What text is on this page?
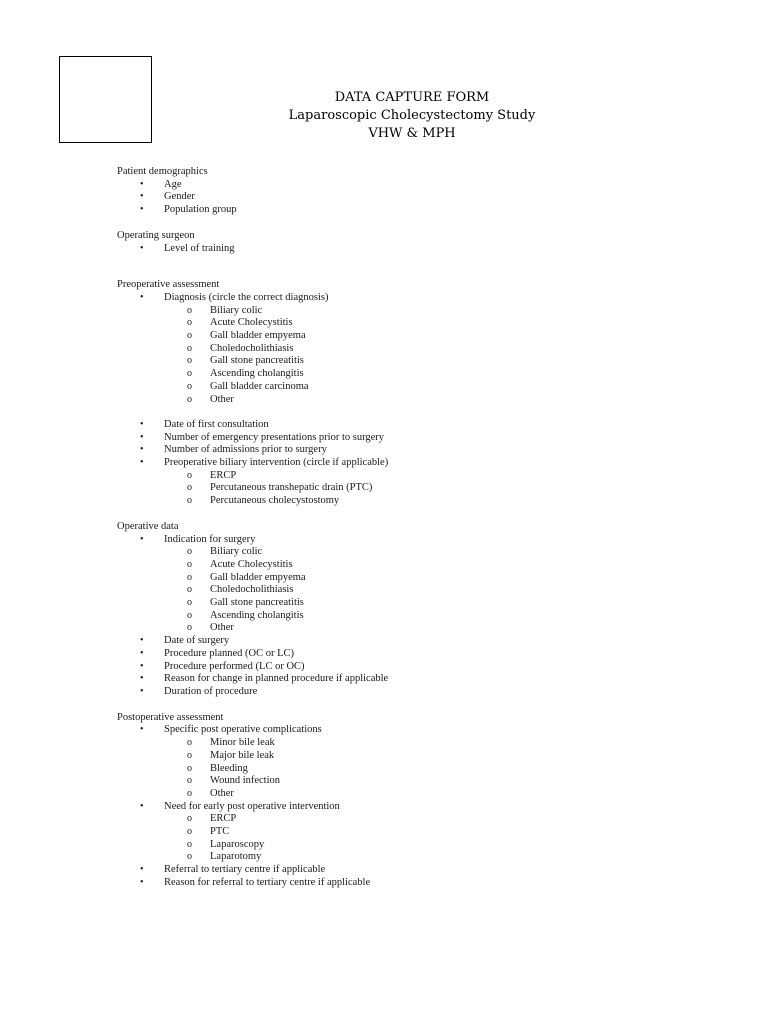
DATA CAPTURE FORM
Laparoscopic Cholecystectomy Study
VHW & MPH
Patient demographics
• Age
• Gender
• Population group
Operating surgeon
• Level of training
Preoperative assessment
• Diagnosis (circle the correct diagnosis)
o Biliary colic
o Acute Cholecystitis
o Gall bladder empyema
o Choledocholithiasis
o Gall stone pancreatitis
o Ascending cholangitis
o Gall bladder carcinoma
o Other
• Date of first consultation
• Number of emergency presentations prior to surgery
• Number of admissions prior to surgery
• Preoperative biliary intervention (circle if applicable)
o ERCP
o Percutaneous transhepatic drain (PTC)
o Percutaneous cholecystostomy
Operative data
• Indication for surgery
o Biliary colic
o Acute Cholecystitis
o Gall bladder empyema
o Choledocholithiasis
o Gall stone pancreatitis
o Ascending cholangitis
o Other
• Date of surgery
• Procedure planned (OC or LC)
• Procedure performed (LC or OC)
• Reason for change in planned procedure if applicable
• Duration of procedure
Postoperative assessment
• Specific post operative complications
o Minor bile leak
o Major bile leak
o Bleeding
o Wound infection
o Other
• Need for early post operative intervention
o ERCP
o PTC
o Laparoscopy
o Laparotomy
• Referral to tertiary centre if applicable
• Reason for referral to tertiary centre if applicable
